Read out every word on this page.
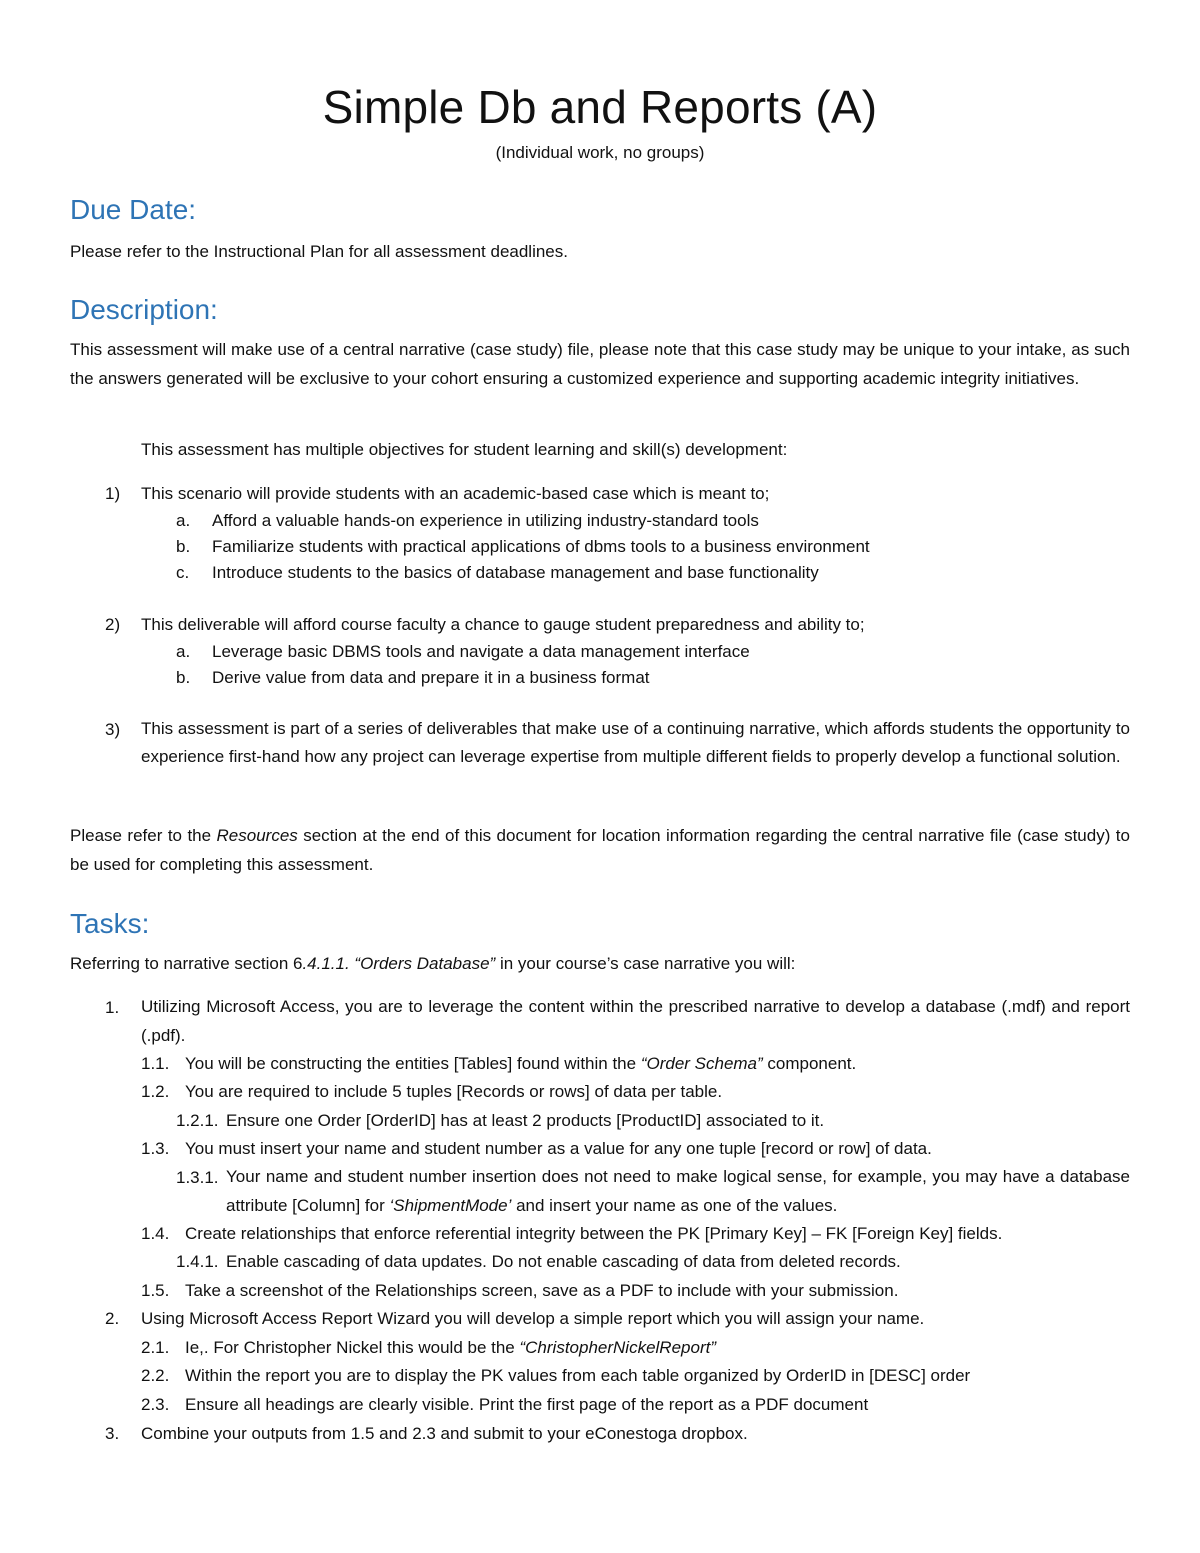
Simple Db and Reports (A)
(Individual work, no groups)
Due Date:

Please refer to the Instructional Plan for all assessment deadlines.

Description:

This assessment will make use of a central narrative (case study) file, please note that this case study may be unique to your intake, as such the answers generated will be exclusive to your cohort ensuring a customized experience and supporting academic integrity initiatives.

This assessment has multiple objectives for student learning and skill(s) development:

1) This scenario will provide students with an academic-based case which is meant to;
a. Afford a valuable hands-on experience in utilizing industry-standard tools
b. Familiarize students with practical applications of dbms tools to a business environment
c. Introduce students to the basics of database management and base functionality
2) This deliverable will afford course faculty a chance to gauge student preparedness and ability to;
a. Leverage basic DBMS tools and navigate a data management interface
b. Derive value from data and prepare it in a business format
3) This assessment is part of a series of deliverables that make use of a continuing narrative, which affords students the opportunity to experience first-hand how any project can leverage expertise from multiple different fields to properly develop a functional solution.

Please refer to the Resources section at the end of this document for location information regarding the central narrative file (case study) to be used for completing this assessment.

Tasks:

Referring to narrative section 6.4.1.1. “Orders Database” in your course’s case narrative you will:

1. Utilizing Microsoft Access, you are to leverage the content within the prescribed narrative to develop a database (.mdf) and report (.pdf).
1.1. You will be constructing the entities [Tables] found within the “Order Schema” component.
1.2. You are required to include 5 tuples [Records or rows] of data per table.
1.2.1. Ensure one Order [OrderID] has at least 2 products [ProductID] associated to it.
1.3. You must insert your name and student number as a value for any one tuple [record or row] of data.
1.3.1. Your name and student number insertion does not need to make logical sense, for example, you may have a database attribute [Column] for ‘ShipmentMode’ and insert your name as one of the values.
1.4. Create relationships that enforce referential integrity between the PK [Primary Key] – FK [Foreign Key] fields.
1.4.1. Enable cascading of data updates. Do not enable cascading of data from deleted records.
1.5. Take a screenshot of the Relationships screen, save as a PDF to include with your submission.
2. Using Microsoft Access Report Wizard you will develop a simple report which you will assign your name.
2.1. Ie,. For Christopher Nickel this would be the “ChristopherNickelReport”
2.2. Within the report you are to display the PK values from each table organized by OrderID in [DESC] order
2.3. Ensure all headings are clearly visible. Print the first page of the report as a PDF document
3. Combine your outputs from 1.5 and 2.3 and submit to your eConestoga dropbox.
